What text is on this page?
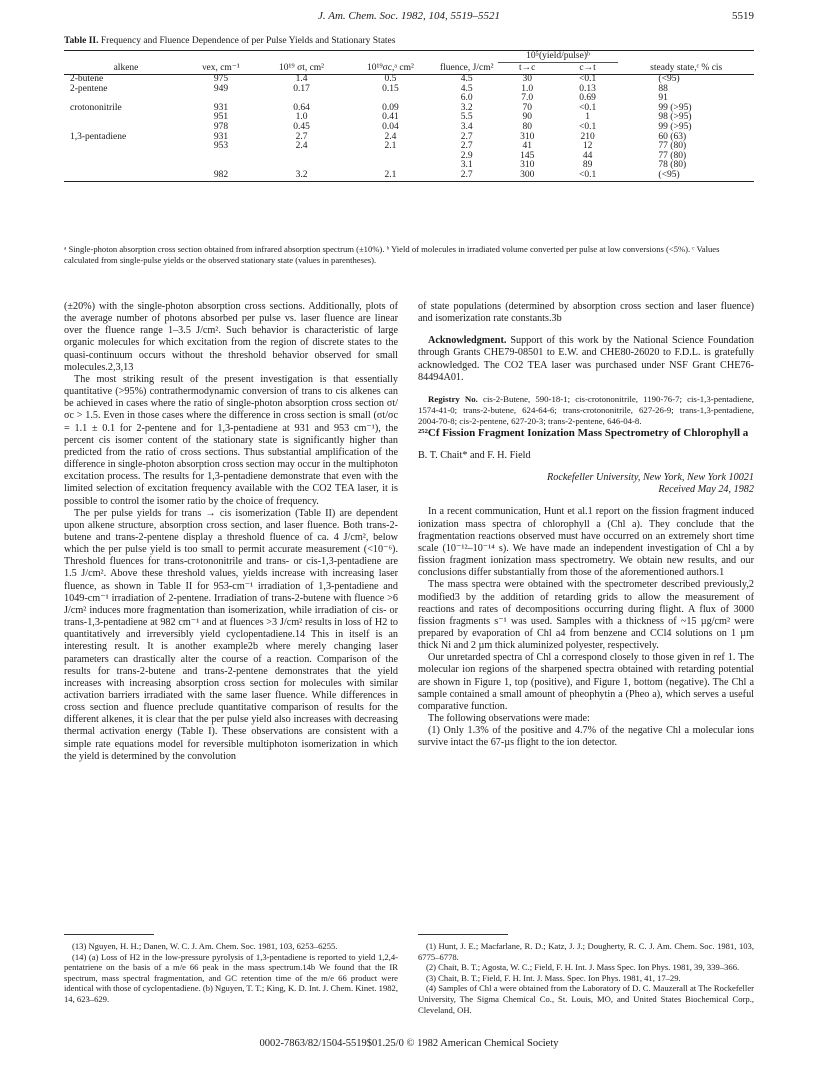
J. Am. Chem. Soc. 1982, 104, 5519–5521	5519
Table II. Frequency and Fluence Dependence of per Pulse Yields and Stationary States
alkene	νex, cm⁻¹	10¹⁹ σt, cm²	10¹⁹σc,ᵃ cm²	fluence, J/cm²	10⁵(yield/pulse)ᵇ		steady state,ᶜ % cis
					t→c	c→t	
2-butene	975	1.4	0.5	4.5	30	<0.1	(<95)
2-pentene	949	0.17	0.15	4.5	1.0	0.13	88
				6.0	7.0	0.69	91
crotononitrile	931	0.64	0.09	3.2	70	<0.1	99 (>95)
	951	1.0	0.41	5.5	90	1	98 (>95)
	978	0.45	0.04	3.4	80	<0.1	99 (>95)
1,3-pentadiene	931	2.7	2.4	2.7	310	210	60 (63)
	953	2.4	2.1	2.7	41	12	77 (80)
				2.9	145	44	77 (80)
				3.1	310	89	78 (80)
	982	3.2	2.1	2.7	300	<0.1	(<95)
ᵃ Single-photon absorption cross section obtained from infrared absorption spectrum (±10%). ᵇ Yield of molecules in irradiated volume converted per pulse at low conversions (<5%). ᶜ Values calculated from single-pulse yields or the observed stationary state (values in parentheses).

(±20%) with the single-photon absorption cross sections. Additionally, plots of the average number of photons absorbed per pulse vs. laser fluence are linear over the fluence range 1–3.5 J/cm². Such behavior is characteristic of large organic molecules for which excitation from the region of discrete states to the quasi-continuum occurs without the threshold behavior observed for small molecules.2,3,13

The most striking result of the present investigation is that essentially quantitative (>95%) contrathermodynamic conversion of trans to cis alkenes can be achieved in cases where the ratio of single-photon absorption cross section σt/σc > 1.5. Even in those cases where the difference in cross section is small (σt/σc = 1.1 ± 0.1 for 2-pentene and for 1,3-pentadiene at 931 and 953 cm⁻¹), the percent cis isomer content of the stationary state is significantly higher than predicted from the ratio of cross sections. Thus substantial amplification of the difference in single-photon absorption cross section may occur in the multiphoton excitation process. The results for 1,3-pentadiene demonstrate that even with the limited selection of excitation frequency available with the CO2 TEA laser, it is possible to control the isomer ratio by the choice of frequency.

The per pulse yields for trans → cis isomerization (Table II) are dependent upon alkene structure, absorption cross section, and laser fluence. Both trans-2-butene and trans-2-pentene display a threshold fluence of ca. 4 J/cm², below which the per pulse yield is too small to permit accurate measurement (<10⁻⁶). Threshold fluences for trans-crotononitrile and trans- or cis-1,3-pentadiene are 1.5 J/cm². Above these threshold values, yields increase with increasing laser fluence, as shown in Table II for 953-cm⁻¹ irradiation of 1,3-pentadiene and 1049-cm⁻¹ irradiation of 2-pentene. Irradiation of trans-2-butene with fluence >6 J/cm² induces more fragmentation than isomerization, while irradiation of cis- or trans-1,3-pentadiene at 982 cm⁻¹ and at fluences >3 J/cm² results in loss of H2 to quantitatively and irreversibly yield cyclopentadiene.14 This in itself is an interesting result. It is another example2b where merely changing laser parameters can drastically alter the course of a reaction. Comparison of the results for trans-2-butene and trans-2-pentene demonstrates that the yield increases with increasing absorption cross section for molecules with similar activation barriers irradiated with the same laser fluence. While differences in cross section and fluence preclude quantitative comparison of results for the different alkenes, it is clear that the per pulse yield also increases with decreasing thermal activation energy (Table I). These observations are consistent with a simple rate equations model for reversible multiphoton isomerization in which the yield is determined by the convolution

of state populations (determined by absorption cross section and laser fluence) and isomerization rate constants.3b

Acknowledgment. Support of this work by the National Science Foundation through Grants CHE79-08501 to E.W. and CHE80-26020 to F.D.L. is gratefully acknowledged. The CO2 TEA laser was purchased under NSF Grant CHE76-84494A01.

Registry No. cis-2-Butene, 590-18-1; cis-crotononitrile, 1190-76-7; cis-1,3-pentadiene, 1574-41-0; trans-2-butene, 624-64-6; trans-crotononitrile, 627-26-9; trans-1,3-pentadiene, 2004-70-8; cis-2-pentene, 627-20-3; trans-2-pentene, 646-04-8.

²⁵²Cf Fission Fragment Ionization Mass Spectrometry of Chlorophyll a

B. T. Chait* and F. H. Field

Rockefeller University, New York, New York 10021

Received May 24, 1982

In a recent communication, Hunt et al.1 report on the fission fragment induced ionization mass spectra of chlorophyll a (Chl a). They conclude that the fragmentation reactions observed must have occurred on an extremely short time scale (10⁻¹²–10⁻¹⁴ s). We have made an independent investigation of Chl a by fission fragment ionization mass spectrometry. We obtain new results, and our conclusions differ substantially from those of the aforementioned authors.1

The mass spectra were obtained with the spectrometer described previously,2 modified3 by the addition of retarding grids to allow the measurement of reactions and rates of decompositions occurring during flight. A flux of 3000 fission fragments s⁻¹ was used. Samples with a thickness of ~15 µg/cm² were prepared by evaporation of Chl a4 from benzene and CCl4 solutions on 1 µm thick Ni and 2 µm thick aluminized polyester, respectively.

Our unretarded spectra of Chl a correspond closely to those given in ref 1. The molecular ion regions of the sharpened spectra obtained with retarding potential are shown in Figure 1, top (positive), and Figure 1, bottom (negative). The Chl a sample contained a small amount of pheophytin a (Pheo a), which serves a useful comparative function.

The following observations were made:

(1) Only 1.3% of the positive and 4.7% of the negative Chl a molecular ions survive intact the 67-µs flight to the ion detector.

(13) Nguyen, H. H.; Danen, W. C. J. Am. Chem. Soc. 1981, 103, 6253–6255.

(14) (a) Loss of H2 in the low-pressure pyrolysis of 1,3-pentadiene is reported to yield 1,2,4-pentatriene on the basis of a m/e 66 peak in the mass spectrum.14b We found that the IR spectrum, mass spectral fragmentation, and GC retention time of the m/e 66 product were identical with those of cyclopentadiene. (b) Nguyen, T. T.; King, K. D. Int. J. Chem. Kinet. 1982, 14, 623–629.

(1) Hunt, J. E.; Macfarlane, R. D.; Katz, J. J.; Dougherty, R. C. J. Am. Chem. Soc. 1981, 103, 6775–6778.

(2) Chait, B. T.; Agosta, W. C.; Field, F. H. Int. J. Mass Spec. Ion Phys. 1981, 39, 339–366.

(3) Chait, B. T.; Field, F. H. Int. J. Mass. Spec. Ion Phys. 1981, 41, 17–29.

(4) Samples of Chl a were obtained from the Laboratory of D. C. Mauzerall at The Rockefeller University, The Sigma Chemical Co., St. Louis, MO, and United States Biochemical Corp., Cleveland, OH.

0002-7863/82/1504-5519$01.25/0 © 1982 American Chemical Society
